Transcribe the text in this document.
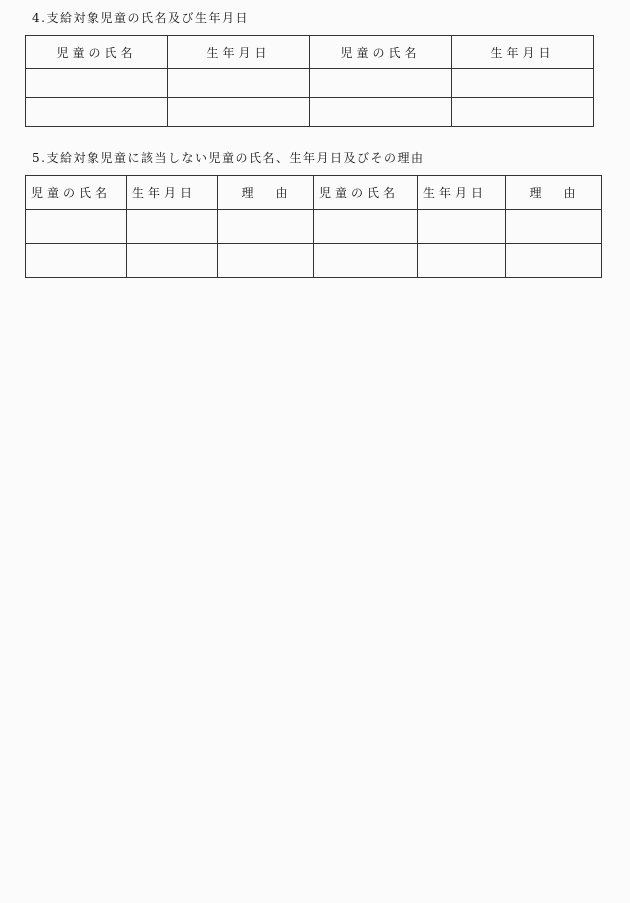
4.支給対象児童の氏名及び生年月日
児童の氏名	生年月日	児童の氏名	生年月日

5.支給対象児童に該当しない児童の氏名、生年月日及びその理由
児童の氏名	生年月日	理由	児童の氏名	生年月日	理由
